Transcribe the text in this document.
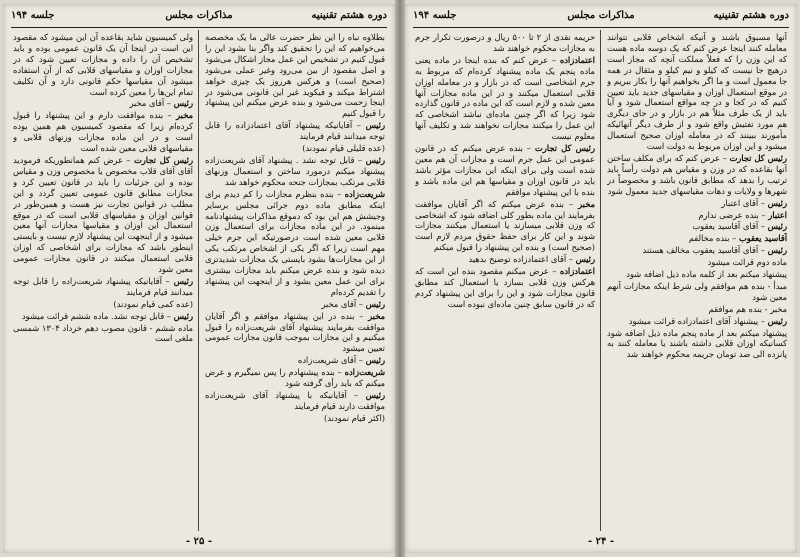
دوره هشتم تقنینیه
مذاکرات مجلس
جلسه ۱۹۴

بطلاوه نباه را این نظر حضرت عالی ما یک مخصصه می‌خواهیم که این را تحقیق کند واگر بنا بشود این را قبول کنیم در تشخیص این عمل مجاز اشکال می‌شود و اصل مقصود از بین می‌رود وغیر عملی می‌شود (صحیح است) و هرکس هرروز یک چیزی خواهد اشتراط میکند و فیکوید غیر این قانونی می‌شود در اینجا زحمت می‌شود و بنده عرض میکنم این پیشنهاد را قبول کنیم

رئیس – آقایانیکه پیشنهاد آقای اعتمادزاده را قابل توجه میدانند قیام فرمایند

(عده قلیلی قیام نمودند)

رئیس – قابل توجه نشد . پیشنهاد آقای شریعت‌زاده پیشنهاد میکنم درمورد ساختن و استعمال وزنهای قلابی مرتکب بمجازات جنحه محکوم خواهد شد

شریعت‌زاده – بنده بنظرم مجازات را کم دیدم برای اینکه مطابق ماده دوم جرائی مجلس برسایر وجیشش هم این بود که دموقع مذاکرات پیشنهادنامه مینمود. در این ماده مجازات برای استعمال وزن قلابی معین شده است درصورتیکه این جرم خیلی مهم است زیرا که اگر یکی از اشخاص مرتکب یکی از این مجازات‌ها بشود بایستی یک مجازات شدیدتری دیده شود و بنده عرض میکنم باید مجازات بیشتری برای این عمل معین بشود و از اینجهت این پیشنهاد را تقدیم کرده‌ام

رئیس – آقای مخبر

مخبر – بنده در این پیشنهاد موافقم و اگر آقایان موافقت بفرمایند پیشنهاد آقای شریعت‌زاده را قبول میکنیم و این مجازات بموجب قانون مجازات عمومی تعیین میشود

رئیس – آقای شریعت‌زاده

شریعت‌زاده – بنده پیشنهادم را پس نمیگیرم و عرض میکنم که باید رأی گرفته شود

رئیس – آقایانیکه با پیشنهاد آقای شریعت‌زاده موافقت دارند قیام فرمایند

(اکثر قیام نمودند)

ولی کمیسیون شاید بقاعده آن این میشود که مقصود این است در اینجا آن یک قانون عمومی بوده و باید تشخیص آن را داده و مجازات تعیین شود که در مجازات اوزان و مقیاسهای قلابی که از آن استفاده میشود آن مقیاسها حکم قانونی دارد و آن تکلیف تمام این‌ها را معین کرده است

رئیس – آقای مخبر

مخبر – بنده موافقت دارم و این پیشنهاد را قبول کرده‌ام زیرا که مقصود کمیسیون هم همین بوده است و در این ماده مجازات وزنهای قلابی و مقیاسهای قلابی معین شده است

رئیس کل تجارت – عرض کنم همانطوریکه فرمودید آقای آقای قلاب مخصوص یا مخصوص وزن و مقیاس بوده و این جزئیات را باید در قانون تعیین کرد و مجازات مطابق قانون عمومی تعیین گردد و این مطلب در قوانین تجارت نیز هست و همین‌طور در قوانین اوزان و مقیاسهای قلابی است که در موقع استعمال این اوزان و مقیاسها مجازات آنها معین میشود و از اینجهت این پیشنهاد لازم نیست و بایستی اینطور باشد که مجازات برای اشخاصی که اوزان قلابی استعمال میکنند در قانون مجازات عمومی معین شود

رئیس – آقایانیکه پیشنهاد شریعت‌زاده را قابل توجه میدانند قیام فرمایند

(عده کمی قیام نمودند)

رئیس – قابل توجه نشد. ماده ششم قرائت میشود

ماده ششم - قانون مصوب دهم خرداد ۱۳۰۴ شمسی ملغی است

- ۲۵ -
دوره هشتم تقنینیه
مذاکرات مجلس
جلسه ۱۹۴

آنها مسبوق باشند و آنیکه اشخاص قلابی نتوانند معامله کنند اینجا عرض کنم که یک دوسه ماده هست که این وزن را که فعلاً مملکت آنچه که مجاز است درهیچ جا نیست که کیلو و نیم کیلو و مثقال در همه جا معمول است و ما اگر بخواهیم آنها را بکار ببریم و در موقع استعمال اوزان و مقیاسهای جدید باید تعیین کنیم که در کجا و در چه مواقع استعمال شود و آیا باید از یک طرف مثلاً هم در بازار و در جای دیگری هم مورد تفتیش واقع شود و از طرف دیگر آنهائیکه مأمورند ببینند که در معامله اوزان صحیح استعمال میشود و این اوزان مربوط به دولت است

رئیس کل تجارت – عرض کنم که برای مکلف ساختن آنها بقاعده که در وزن و مقیاس هم دولت رأساً باید ترتیب را بدهد که مطابق قانون باشد و مخصوصاً در شهرها و ولایات و دهات مقیاسهای جدید معمول شود

رئیس – آقای اعتبار

اعتبار – بنده عرضی ندارم

رئیس – آقای آقاسید یعقوب

آقاسید یعقوب – بنده مخالفم

رئیس – آقای آقاسید یعقوب مخالف هستند

ماده دوم قرائت میشود

پیشنهاد میکنم بعد از کلمه ماده ذیل اضافه شود

مبدأ - بنده هم موافقم ولی شرط اینکه مجازات آنهم معین شود

مخبر - بنده هم موافقم

رئیس – پیشنهاد آقای اعتمادزاده قرائت میشود

پیشنهاد میکنم بعد از ماده پنجم ماده ذیل اضافه شود کسانیکه اوزان قلابی داشته باشند یا معامله کنند به پانزده الی صد تومان جریمه محکوم خواهند شد

حریمه نقدی از ۲ تا ۵۰۰ ریال و درصورت تکرار جرم به مجازات محکوم خواهند شد

اعتمادزاده – عرض کنم که بنده اینجا در ماده یعنی ماده پنجم یک ماده پیشنهاد کرده‌ام که مربوط به جرم اشخاصی است که در بازار و در معامله اوزان قلابی استعمال میکنند و در این ماده مجازات آنها معین شده و لازم است که این ماده در قانون گذارده شود زیرا که اگر چنین ماده‌ای نباشد اشخاصی که این عمل را میکنند مجازات نخواهند شد و تکلیف آنها معلوم نیست

رئیس کل تجارت – بنده عرض میکنم که در قانون عمومی این عمل جرم است و مجازات آن هم معین شده است ولی برای اینکه این مجازات مؤثر باشد باید در قانون اوزان و مقیاسها هم این ماده باشد و بنده با این پیشنهاد موافقم

مخبر – بنده عرض میکنم که اگر آقایان موافقت بفرمایند این ماده بطور کلی اضافه شود که اشخاصی که وزن قلابی میسازند یا استعمال میکنند مجازات شوند و این کار برای حفظ حقوق مردم لازم است (صحیح است) و بنده این پیشنهاد را قبول میکنم

رئیس – آقای اعتمادزاده توضیح بدهید

اعتمادزاده – عرض میکنم مقصود بنده این است که هرکس وزن قلابی بسازد یا استعمال کند مطابق قانون مجازات شود و این را برای این پیشنهاد کردم که در قانون سابق چنین ماده‌ای نبوده است

- ۲۴ -
